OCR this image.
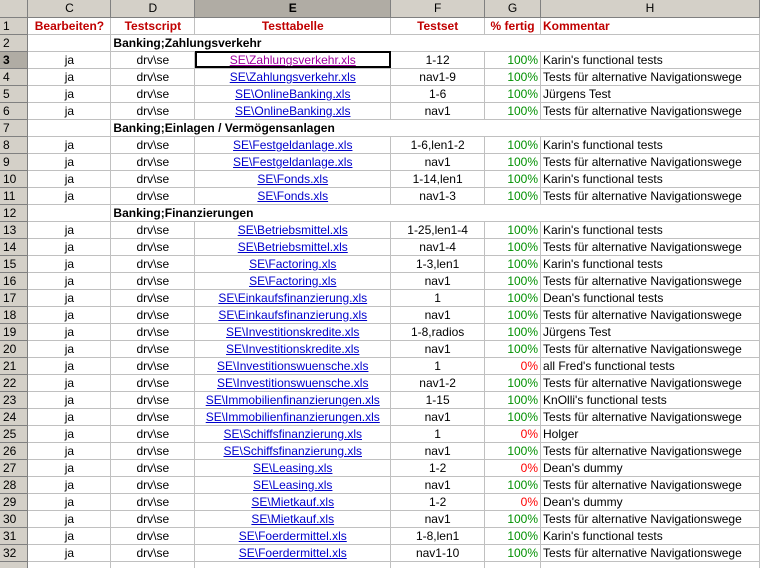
	C	D	E	F	G	H
1	Bearbeiten?	Testscript	Testtabelle	Testset	% fertig	Kommentar
2		Banking;Zahlungsverkehr				
3	ja	drv\se	SE\Zahlungsverkehr.xls	1-12	100%	Karin's functional tests
4	ja	drv\se	SE\Zahlungsverkehr.xls	nav1-9	100%	Tests für alternative Navigationswege
5	ja	drv\se	SE\OnlineBanking.xls	1-6	100%	Jürgens Test
6	ja	drv\se	SE\OnlineBanking.xls	nav1	100%	Tests für alternative Navigationswege
7		Banking;Einlagen / Vermögensanlagen				
8	ja	drv\se	SE\Festgeldanlage.xls	1-6,len1-2	100%	Karin's functional tests
9	ja	drv\se	SE\Festgeldanlage.xls	nav1	100%	Tests für alternative Navigationswege
10	ja	drv\se	SE\Fonds.xls	1-14,len1	100%	Karin's functional tests
11	ja	drv\se	SE\Fonds.xls	nav1-3	100%	Tests für alternative Navigationswege
12		Banking;Finanzierungen				
13	ja	drv\se	SE\Betriebsmittel.xls	1-25,len1-4	100%	Karin's functional tests
14	ja	drv\se	SE\Betriebsmittel.xls	nav1-4	100%	Tests für alternative Navigationswege
15	ja	drv\se	SE\Factoring.xls	1-3,len1	100%	Karin's functional tests
16	ja	drv\se	SE\Factoring.xls	nav1	100%	Tests für alternative Navigationswege
17	ja	drv\se	SE\Einkaufsfinanzierung.xls	1	100%	Dean's functional tests
18	ja	drv\se	SE\Einkaufsfinanzierung.xls	nav1	100%	Tests für alternative Navigationswege
19	ja	drv\se	SE\Investitionskredite.xls	1-8,radios	100%	Jürgens Test
20	ja	drv\se	SE\Investitionskredite.xls	nav1	100%	Tests für alternative Navigationswege
21	ja	drv\se	SE\Investitionswuensche.xls	1	0%	all Fred's functional tests
22	ja	drv\se	SE\Investitionswuensche.xls	nav1-2	100%	Tests für alternative Navigationswege
23	ja	drv\se	SE\Immobilienfinanzierungen.xls	1-15	100%	KnOlli's functional tests
24	ja	drv\se	SE\Immobilienfinanzierungen.xls	nav1	100%	Tests für alternative Navigationswege
25	ja	drv\se	SE\Schiffsfinanzierung.xls	1	0%	Holger
26	ja	drv\se	SE\Schiffsfinanzierung.xls	nav1	100%	Tests für alternative Navigationswege
27	ja	drv\se	SE\Leasing.xls	1-2	0%	Dean's dummy
28	ja	drv\se	SE\Leasing.xls	nav1	100%	Tests für alternative Navigationswege
29	ja	drv\se	SE\Mietkauf.xls	1-2	0%	Dean's dummy
30	ja	drv\se	SE\Mietkauf.xls	nav1	100%	Tests für alternative Navigationswege
31	ja	drv\se	SE\Foerdermittel.xls	1-8,len1	100%	Karin's functional tests
32	ja	drv\se	SE\Foerdermittel.xls	nav1-10	100%	Tests für alternative Navigationswege
